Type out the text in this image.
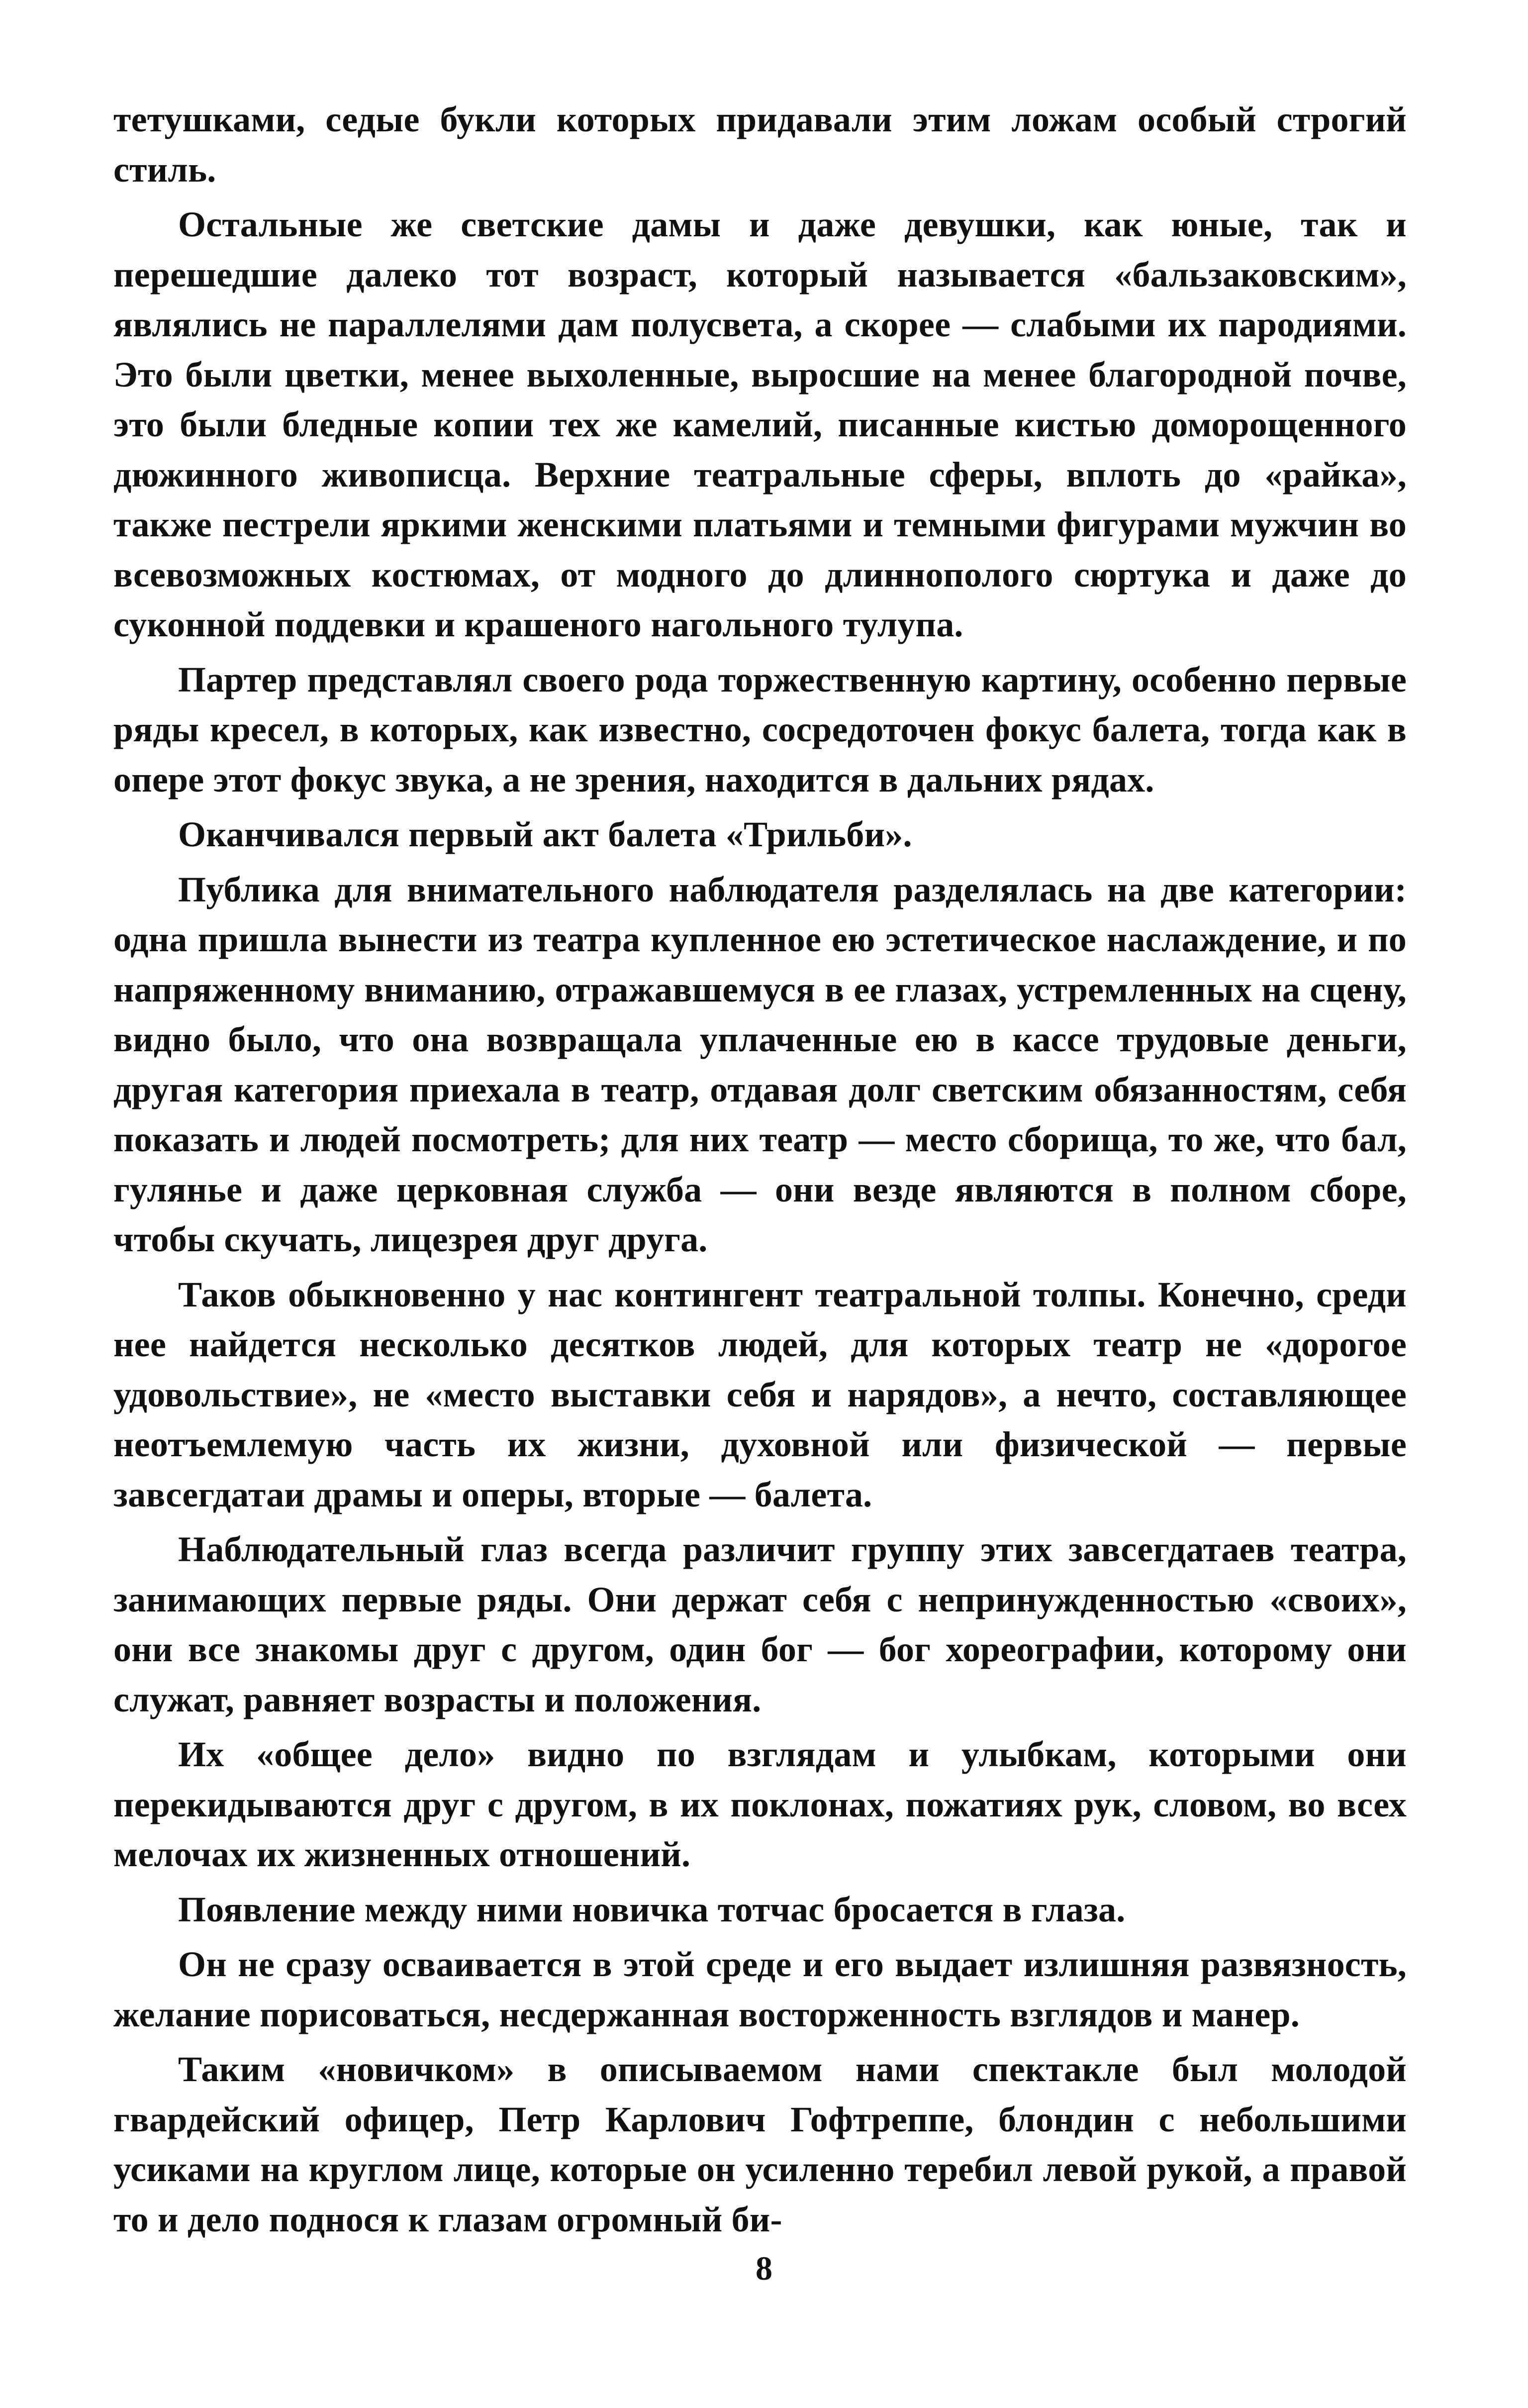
тетушками, седые букли которых придавали этим ложам особый строгий стиль.

Остальные же светские дамы и даже девушки, как юные, так и перешедшие далеко тот возраст, который называется «бальзаковским», являлись не параллелями дам полусвета, а скорее — слабыми их пародиями. Это были цветки, менее выхоленные, выросшие на менее благородной почве, это были бледные копии тех же камелий, писанные кистью доморощенного дюжинного живописца. Верхние театральные сферы, вплоть до «райка», также пестрели яркими женскими платьями и темными фигурами мужчин во всевозможных костюмах, от модного до длиннополого сюртука и даже до суконной поддевки и крашеного нагольного тулупа.

Партер представлял своего рода торжественную картину, особенно первые ряды кресел, в которых, как известно, сосредоточен фокус балета, тогда как в опере этот фокус звука, а не зрения, находится в дальних рядах.

Оканчивался первый акт балета «Трильби».

Публика для внимательного наблюдателя разделялась на две категории: одна пришла вынести из театра купленное ею эстетическое наслаждение, и по напряженному вниманию, отражавшемуся в ее глазах, устремленных на сцену, видно было, что она возвращала уплаченные ею в кассе трудовые деньги, другая категория приехала в театр, отдавая долг светским обязанностям, себя показать и людей посмотреть; для них театр — место сборища, то же, что бал, гулянье и даже церковная служба — они везде являются в полном сборе, чтобы скучать, лицезрея друг друга.

Таков обыкновенно у нас контингент театральной толпы. Конечно, среди нее найдется несколько десятков людей, для которых театр не «дорогое удовольствие», не «место выставки себя и нарядов», а нечто, составляющее неотъемлемую часть их жизни, духовной или физической — первые завсегдатаи драмы и оперы, вторые — балета.

Наблюдательный глаз всегда различит группу этих завсегдатаев театра, занимающих первые ряды. Они держат себя с непринужденностью «своих», они все знакомы друг с другом, один бог — бог хореографии, которому они служат, равняет возрасты и положения.

Их «общее дело» видно по взглядам и улыбкам, которыми они перекидываются друг с другом, в их поклонах, пожатиях рук, словом, во всех мелочах их жизненных отношений.

Появление между ними новичка тотчас бросается в глаза.

Он не сразу осваивается в этой среде и его выдает излишняя развязность, желание порисоваться, несдержанная восторженность взглядов и манер.

Таким «новичком» в описываемом нами спектакле был молодой гвардейский офицер, Петр Карлович Гофтреппе, блондин с небольшими усиками на круглом лице, которые он усиленно теребил левой рукой, а правой то и дело поднося к глазам огромный би-

8
